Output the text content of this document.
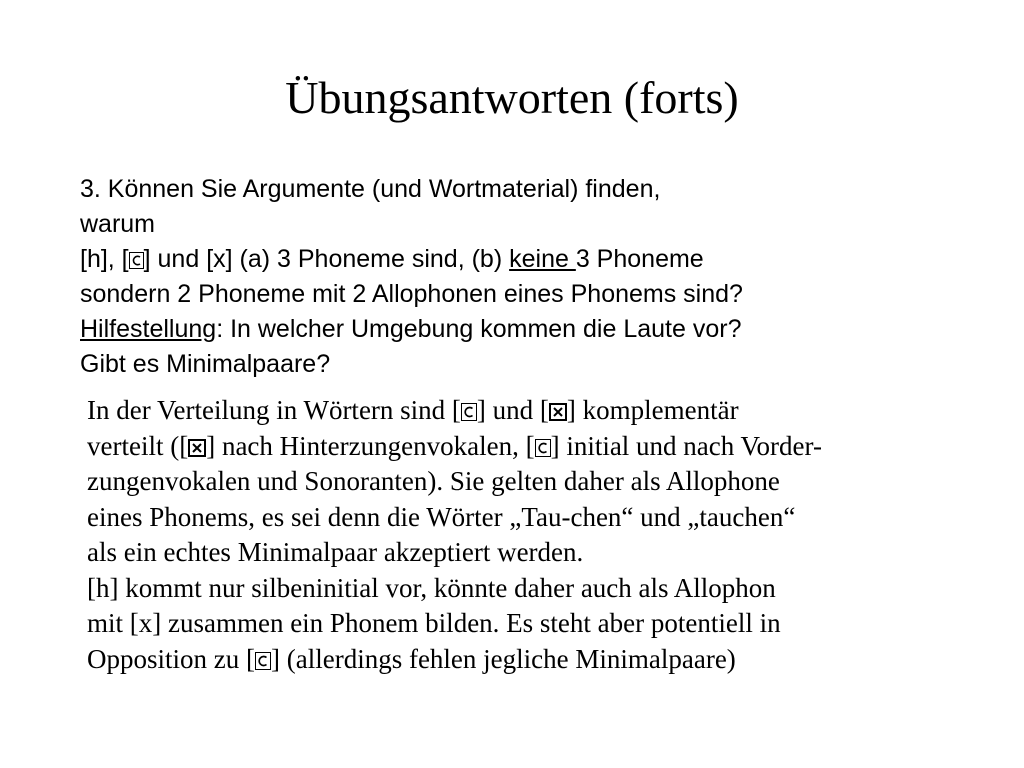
Übungsantworten (forts)
3. Können Sie Argumente (und Wortmaterial) finden,
warum
[h], [ ] und [x] (a) 3 Phoneme sind, (b) keine 3 Phoneme
sondern 2 Phoneme mit 2 Allophonen eines Phonems sind?
Hilfestellung: In welcher Umgebung kommen die Laute vor?
Gibt es Minimalpaare?
In der Verteilung in Wörtern sind [ ] und [ ] komplementär
verteilt ([ ] nach Hinterzungenvokalen, [ ] initial und nach Vorder-
zungenvokalen und Sonoranten). Sie gelten daher als Allophone
eines Phonems, es sei denn die Wörter „Tau-chen“ und „tauchen“
als ein echtes Minimalpaar akzeptiert werden.
[h] kommt nur silbeninitial vor, könnte daher auch als Allophon
mit [x] zusammen ein Phonem bilden. Es steht aber potentiell in
Opposition zu [ ] (allerdings fehlen jegliche Minimalpaare)
